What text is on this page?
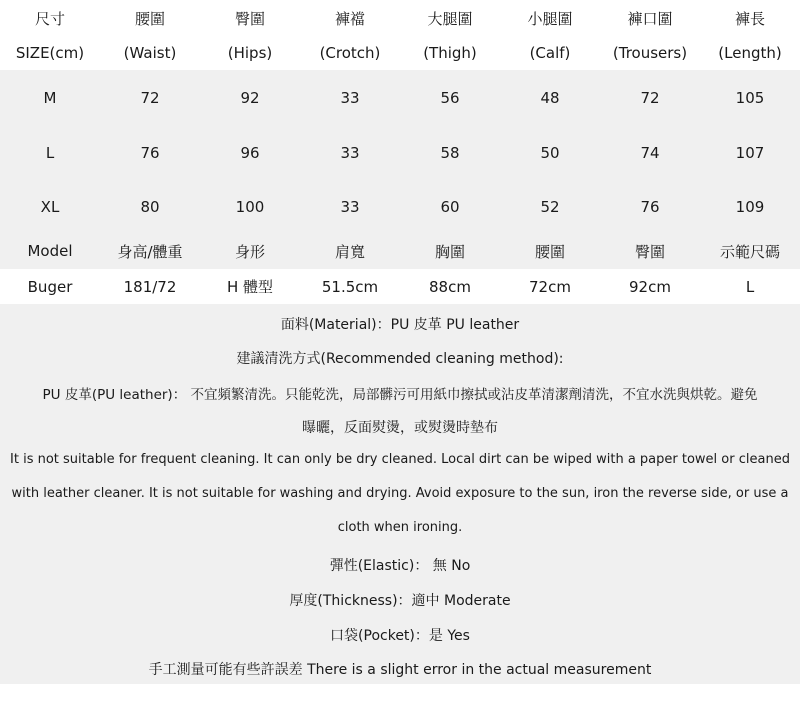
尺寸	腰圍	臀圍	褲襠	大腿圍	小腿圍	褲口圍	褲長
SIZE(cm)	(Waist)	(Hips)	(Crotch)	(Thigh)	(Calf)	(Trousers)	(Length)
M	72	92	33	56	48	72	105
L	76	96	33	58	50	74	107
XL	80	100	33	60	52	76	109
Model	身高/體重	身形	肩寬	胸圍	腰圍	臀圍	示範尺碼
Buger	181/72	H 體型	51.5cm	88cm	72cm	92cm	L
面料(Material)：PU 皮革 PU leather
建議清洗方式(Recommended cleaning method):
PU 皮革(PU leather)： 不宜頻繁清洗。只能乾洗，局部髒污可用紙巾擦拭或沾皮革清潔劑清洗，不宜水洗與烘乾。避免
曝曬，反面熨燙，或熨燙時墊布
It is not suitable for frequent cleaning. It can only be dry cleaned. Local dirt can be wiped with a paper towel or cleaned
with leather cleaner. It is not suitable for washing and drying. Avoid exposure to the sun, iron the reverse side, or use a
cloth when ironing.
彈性(Elastic)： 無 No
厚度(Thickness)：適中 Moderate
口袋(Pocket)：是 Yes
手工測量可能有些許誤差 There is a slight error in the actual measurement
